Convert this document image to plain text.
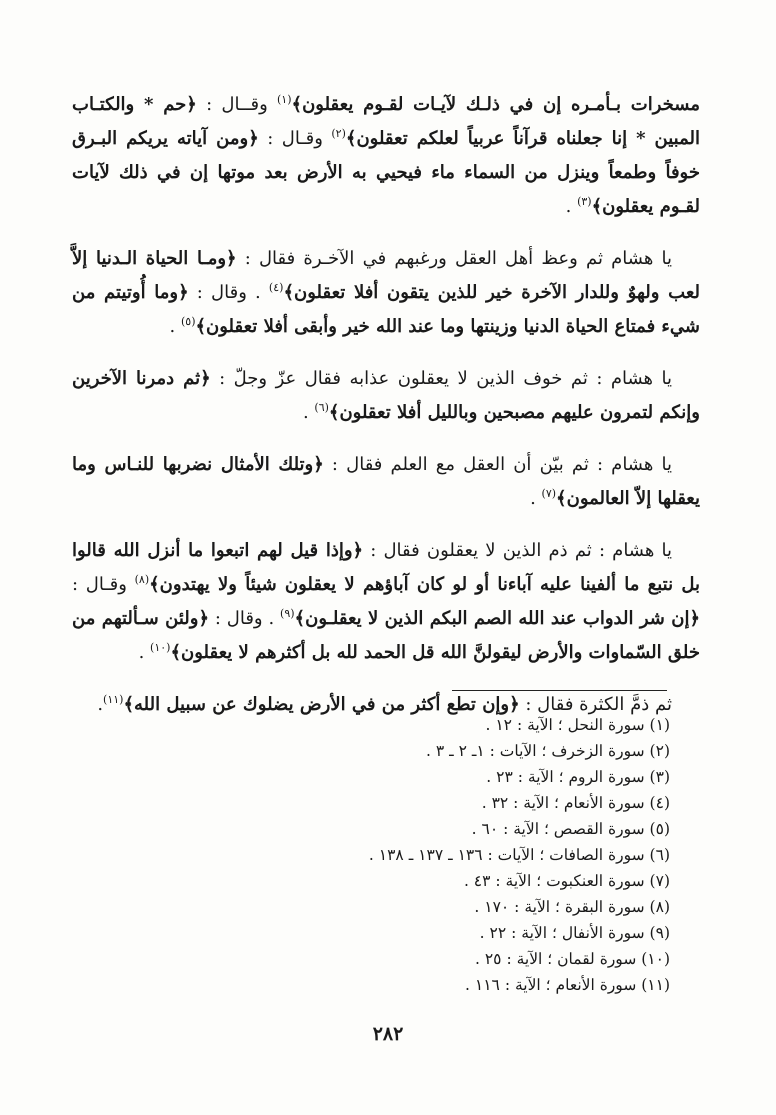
مسخرات بـأمـره إن في ذلـك لآيـات لقـوم يعقلون﴾$^{(١)}$ وقــال : ﴿حم * والكتـاب المبين * إنا جعلناه قرآناً عربياً لعلكم تعقلون﴾$^{(٢)}$ وقـال : ﴿ومن آياته يريكم البـرق خوفاً وطمعاً وينزل من السماء ماء فيحيي به الأرض بعد موتها إن في ذلك لآيات لقـوم يعقلون﴾$^{(٣)}$ .

يا هشام ثم وعظ أهل العقل ورغبهم في الآخـرة فقال : ﴿ومـا الحياة الـدنيا إلاَّ لعب ولهوٌ وللدار الآخرة خير للذين يتقون أفلا تعقلون﴾$^{(٤)}$ . وقال : ﴿وما أُوتيتم من شيء فمتاع الحياة الدنيا وزينتها وما عند الله خير وأبقى أفلا تعقلون﴾$^{(٥)}$ .

يا هشام : ثم خوف الذين لا يعقلون عذابه فقال عزّ وجلّ : ﴿ثم دمرنا الآخرين وإنكم لتمرون عليهم مصبحين وبالليل أفلا تعقلون﴾$^{(٦)}$ .

يا هشام : ثم بيّن أن العقل مع العلم فقال : ﴿وتلك الأمثال نضربها للنـاس وما يعقلها إلاّ العالمون﴾$^{(٧)}$ .

يا هشام : ثم ذم الذين لا يعقلون فقال : ﴿وإذا قيل لهم اتبعوا ما أنزل الله قالوا بل نتبع ما ألفينا عليه آباءنا أو لو كان آباؤهم لا يعقلون شيئاً ولا يهتدون﴾$^{(٨)}$ وقـال : ﴿إن شر الدواب عند الله الصم البكم الذين لا يعقلـون﴾$^{(٩)}$ . وقال : ﴿ولئن سـألتهم من خلق السّماوات والأرض ليقولنَّ الله قل الحمد لله بل أكثرهم لا يعقلون﴾$^{(١٠)}$ .

ثم ذمَّ الكثرة فقال : ﴿وإن تطع أكثر من في الأرض يضلوك عن سبيل الله﴾$^{(١١)}$.

(١) سورة النحل ؛ الآية : ١٢ .
(٢) سورة الزخرف ؛ الآيات : ١ـ ٢ ـ ٣ .
(٣) سورة الروم ؛ الآية : ٢٣ .
(٤) سورة الأنعام ؛ الآية : ٣٢ .
(٥) سورة القصص ؛ الآية : ٦٠ .
(٦) سورة الصافات ؛ الآيات : ١٣٦ ـ ١٣٧ ـ ١٣٨ .
(٧) سورة العنكبوت ؛ الآية : ٤٣ .
(٨) سورة البقرة ؛ الآية : ١٧٠ .
(٩) سورة الأنفال ؛ الآية : ٢٢ .
(١٠) سورة لقمان ؛ الآية : ٢٥ .
(١١) سورة الأنعام ؛ الآية : ١١٦ .
٢٨٢
